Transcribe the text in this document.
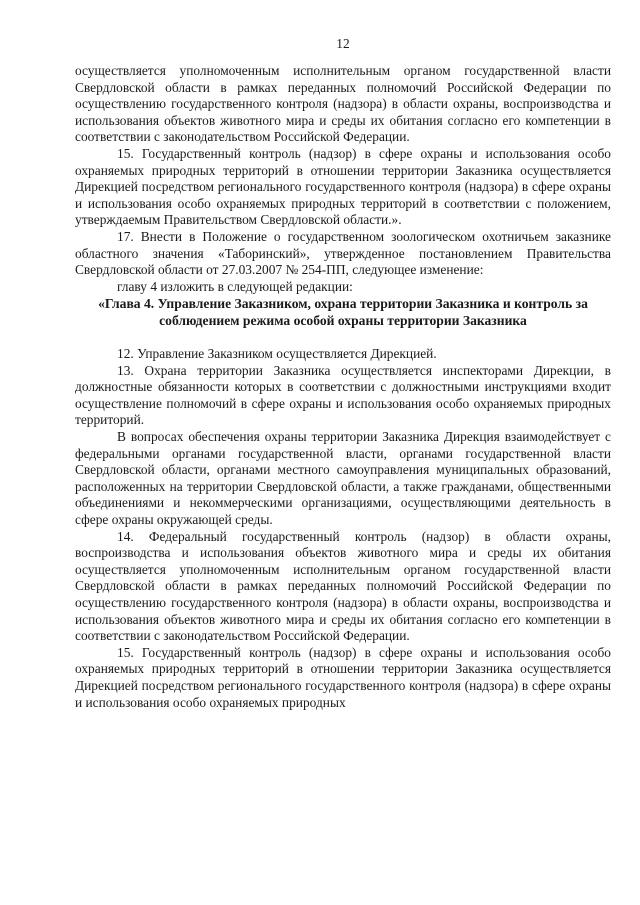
12

осуществляется уполномоченным исполнительным органом государственной власти Свердловской области в рамках переданных полномочий Российской Федерации по осуществлению государственного контроля (надзора) в области охраны, воспроизводства и использования объектов животного мира и среды их обитания согласно его компетенции в соответствии с законодательством Российской Федерации.

15. Государственный контроль (надзор) в сфере охраны и использования особо охраняемых природных территорий в отношении территории Заказника осуществляется Дирекцией посредством регионального государственного контроля (надзора) в сфере охраны и использования особо охраняемых природных территорий в соответствии с положением, утверждаемым Правительством Свердловской области.».

17. Внести в Положение о государственном зоологическом охотничьем заказнике областного значения «Таборинский», утвержденное постановлением Правительства Свердловской области от 27.03.2007 № 254-ПП, следующее изменение:

главу 4 изложить в следующей редакции:

«Глава 4. Управление Заказником, охрана территории Заказника и контроль за соблюдением режима особой охраны территории Заказника

12. Управление Заказником осуществляется Дирекцией.

13. Охрана территории Заказника осуществляется инспекторами Дирекции, в должностные обязанности которых в соответствии с должностными инструкциями входит осуществление полномочий в сфере охраны и использования особо охраняемых природных территорий.

В вопросах обеспечения охраны территории Заказника Дирекция взаимодействует с федеральными органами государственной власти, органами государственной власти Свердловской области, органами местного самоуправления муниципальных образований, расположенных на территории Свердловской области, а также гражданами, общественными объединениями и некоммерческими организациями, осуществляющими деятельность в сфере охраны окружающей среды.

14. Федеральный государственный контроль (надзор) в области охраны, воспроизводства и использования объектов животного мира и среды их обитания осуществляется уполномоченным исполнительным органом государственной власти Свердловской области в рамках переданных полномочий Российской Федерации по осуществлению государственного контроля (надзора) в области охраны, воспроизводства и использования объектов животного мира и среды их обитания согласно его компетенции в соответствии с законодательством Российской Федерации.

15. Государственный контроль (надзор) в сфере охраны и использования особо охраняемых природных территорий в отношении территории Заказника осуществляется Дирекцией посредством регионального государственного контроля (надзора) в сфере охраны и использования особо охраняемых природных
